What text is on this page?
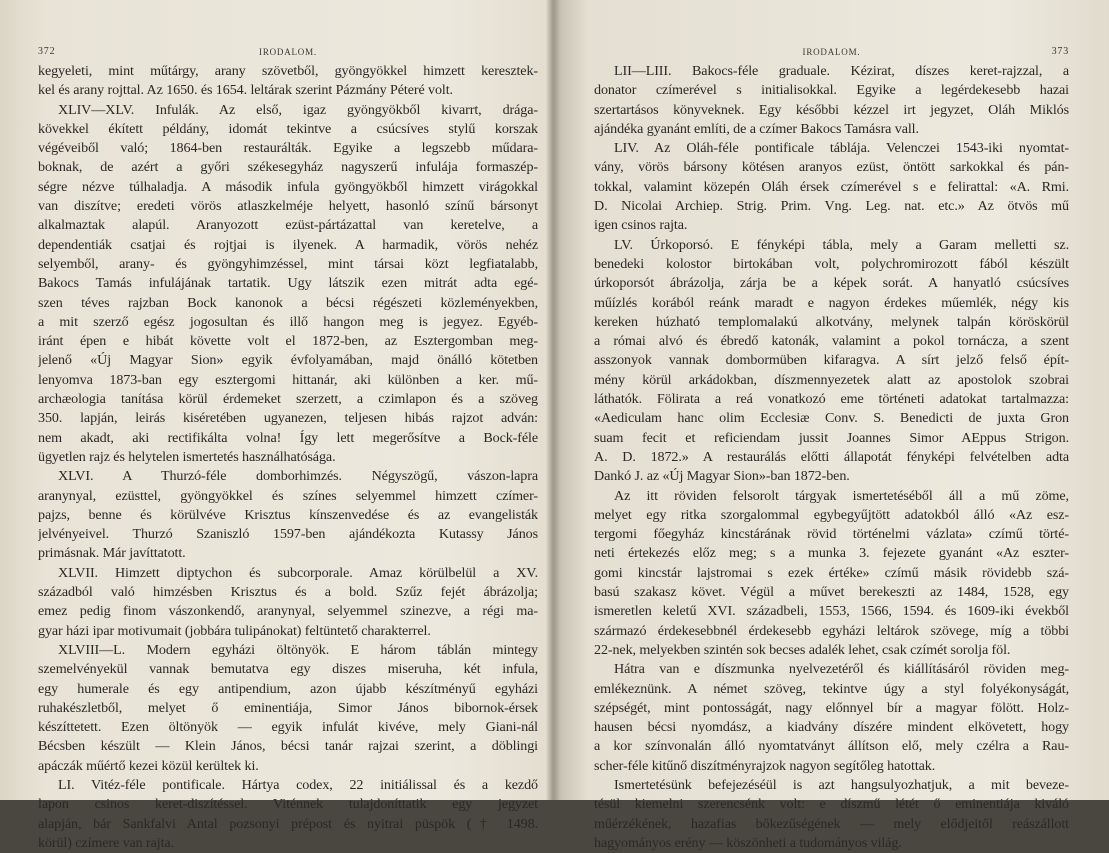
372	IRODALOM.
kegyeleti, mint műtárgy, arany szövetből, gyöngyökkel himzett keresztek-
kel és arany rojttal. Az 1650. és 1654. leltárak szerint Pázmány Péteré volt.
XLIV—XLV. Infulák. Az első, igaz gyöngyökből kivarrt, drága-
kövekkel ékített példány, idomát tekintve a csúcsíves stylű korszak
végéveiből való; 1864-ben restaurálták. Egyike a legszebb műdara-
boknak, de azért a győri székesegyház nagyszerű infulája formaszép-
ségre nézve túlhaladja. A második infula gyöngyökből himzett virágokkal
van diszítve; eredeti vörös atlaszkelméje helyett, hasonló színű bársonyt
alkalmaztak alapúl. Aranyozott ezüst-pártázattal van keretelve, a
dependentiák csatjai és rojtjai is ilyenek. A harmadik, vörös nehéz
selyemből, arany- és gyöngyhimzéssel, mint társai közt legfiatalabb,
Bakocs Tamás infulájának tartatik. Ugy látszik ezen mitrát adta egé-
szen téves rajzban Bock kanonok a bécsi régészeti közleményekben,
a mit szerző egész jogosultan és illő hangon meg is jegyez. Egyéb-
iránt épen e hibát követte volt el 1872-ben, az Esztergomban meg-
jelenő «Új Magyar Sion» egyik évfolyamában, majd önálló kötetben
lenyomva 1873-ban egy esztergomi hittanár, aki különben a ker. mű-
archæologia tanítása körül érdemeket szerzett, a czimlapon és a szöveg
350. lapján, leirás kiséretében ugyanezen, teljesen hibás rajzot adván:
nem akadt, aki rectifikálta volna! Így lett megerősítve a Bock-féle
ügyetlen rajz és helytelen ismertetés használhatósága.
XLVI. A Thurzó-féle domborhimzés. Négyszögű, vászon-lapra
aranynyal, ezüsttel, gyöngyökkel és színes selyemmel himzett czímer-
pajzs, benne és körülvéve Krisztus kínszenvedése és az evangelisták
jelvényeivel. Thurzó Szaniszló 1597-ben ajándékozta Kutassy János
primásnak. Már javíttatott.
XLVII. Himzett diptychon és subcorporale. Amaz körülbelül a XV.
századból való himzésben Krisztus és a bold. Szűz fejét ábrázolja;
emez pedig finom vászonkendő, aranynyal, selyemmel szinezve, a régi ma-
gyar házi ipar motivumait (jobbára tulipánokat) feltüntető charakterrel.
XLVIII—L. Modern egyházi öltönyök. E három táblán mintegy
szemelvényekül vannak bemutatva egy diszes miseruha, két infula,
egy humerale és egy antipendium, azon újabb készítményű egyházi
ruhakészletből, melyet ő eminentiája, Simor János bibornok-érsek
készíttetett. Ezen öltönyök — egyik infulát kivéve, mely Giani-nál
Bécsben készült — Klein János, bécsi tanár rajzai szerint, a döblingi
apáczák műértő kezei közül kerültek ki.
LI. Vitéz-féle pontificale. Hártya codex, 22 initiálissal és a kezdő
lapon csinos keret-diszítéssel. Viténnek tulajdoníttatik egy jegyzet
alapján, bár Sankfalvi Antal pozsonyi prépost és nyitrai püspök († 1498.
körül) czímere van rajta.
IRODALOM.	373
LII—LIII. Bakocs-féle graduale. Kézirat, díszes keret-rajzzal, a
donator czímerével s initialisokkal. Egyike a legérdekesebb hazai
szertartásos könyveknek. Egy későbbi kézzel irt jegyzet, Oláh Miklós
ajándéka gyanánt említi, de a czímer Bakocs Tamásra vall.
LIV. Az Oláh-féle pontificale táblája. Velenczei 1543-iki nyomtat-
vány, vörös bársony kötésen aranyos ezüst, öntött sarkokkal és pán-
tokkal, valamint közepén Oláh érsek czímerével s e felirattal: «A. Rmi.
D. Nicolai Archiep. Strig. Prim. Vng. Leg. nat. etc.» Az ötvös mű
igen csinos rajta.
LV. Úrkoporsó. E fényképi tábla, mely a Garam melletti sz.
benedeki kolostor birtokában volt, polychromirozott fából készült
úrkoporsót ábrázolja, zárja be a képek sorát. A hanyatló csúcsíves
műízlés korából reánk maradt e nagyon érdekes műemlék, négy kis
kereken húzható templomalakú alkotvány, melynek talpán köröskörül
a római alvó és ébredő katonák, valamint a pokol tornácza, a szent
asszonyok vannak dombormüben kifaragva. A sírt jelző felső épít-
mény körül arkádokban, díszmennyezetek alatt az apostolok szobrai
láthatók. Fölirata a reá vonatkozó eme történeti adatokat tartalmazza:
«Aediculam hanc olim Ecclesiæ Conv. S. Benedicti de juxta Gron
suam fecit et reficiendam jussit Joannes Simor AEppus Strigon.
A. D. 1872.» A restaurálás előtti állapotát fényképi felvételben adta
Dankó J. az «Új Magyar Sion»-ban 1872-ben.
Az itt röviden felsorolt tárgyak ismertetéséből áll a mű zöme,
melyet egy ritka szorgalommal egybegyűjtött adatokból álló «Az esz-
tergomi főegyház kincstárának rövid történelmi vázlata» czímű törté-
neti értekezés előz meg; s a munka 3. fejezete gyanánt «Az eszter-
gomi kincstár lajstromai s ezek értéke» czímű másik rövidebb szá-
basú szakasz követ. Végül a művet berekeszti az 1484, 1528, egy
ismeretlen keletű XVI. századbeli, 1553, 1566, 1594. és 1609-iki évekből
származó érdekesebbnél érdekesebb egyházi leltárok szövege, míg a többi
22-nek, melyekben szintén sok becses adalék lehet, csak czímét sorolja föl.
Hátra van e díszmunka nyelvezetéről és kiállításáról röviden meg-
emlékeznünk. A német szöveg, tekintve úgy a styl folyékonyságát,
szépségét, mint pontosságát, nagy előnnyel bír a magyar fölött. Holz-
hausen bécsi nyomdász, a kiadvány díszére mindent elkövetett, hogy
a kor színvonalán álló nyomtatványt állítson elő, mely czélra a Rau-
scher-féle kitűnő diszítményrajzok nagyon segítőleg hatottak.
Ismertetésünk befejezéséül is azt hangsulyozhatjuk, a mit beveze-
tésül kiemelni szerencsénk volt: e díszmű létét ő eminentiája kiváló
műérzékének, hazafias bőkezűségének — mely elődjeitől reászállott
hagyományos erény — köszönheti a tudományos világ.
